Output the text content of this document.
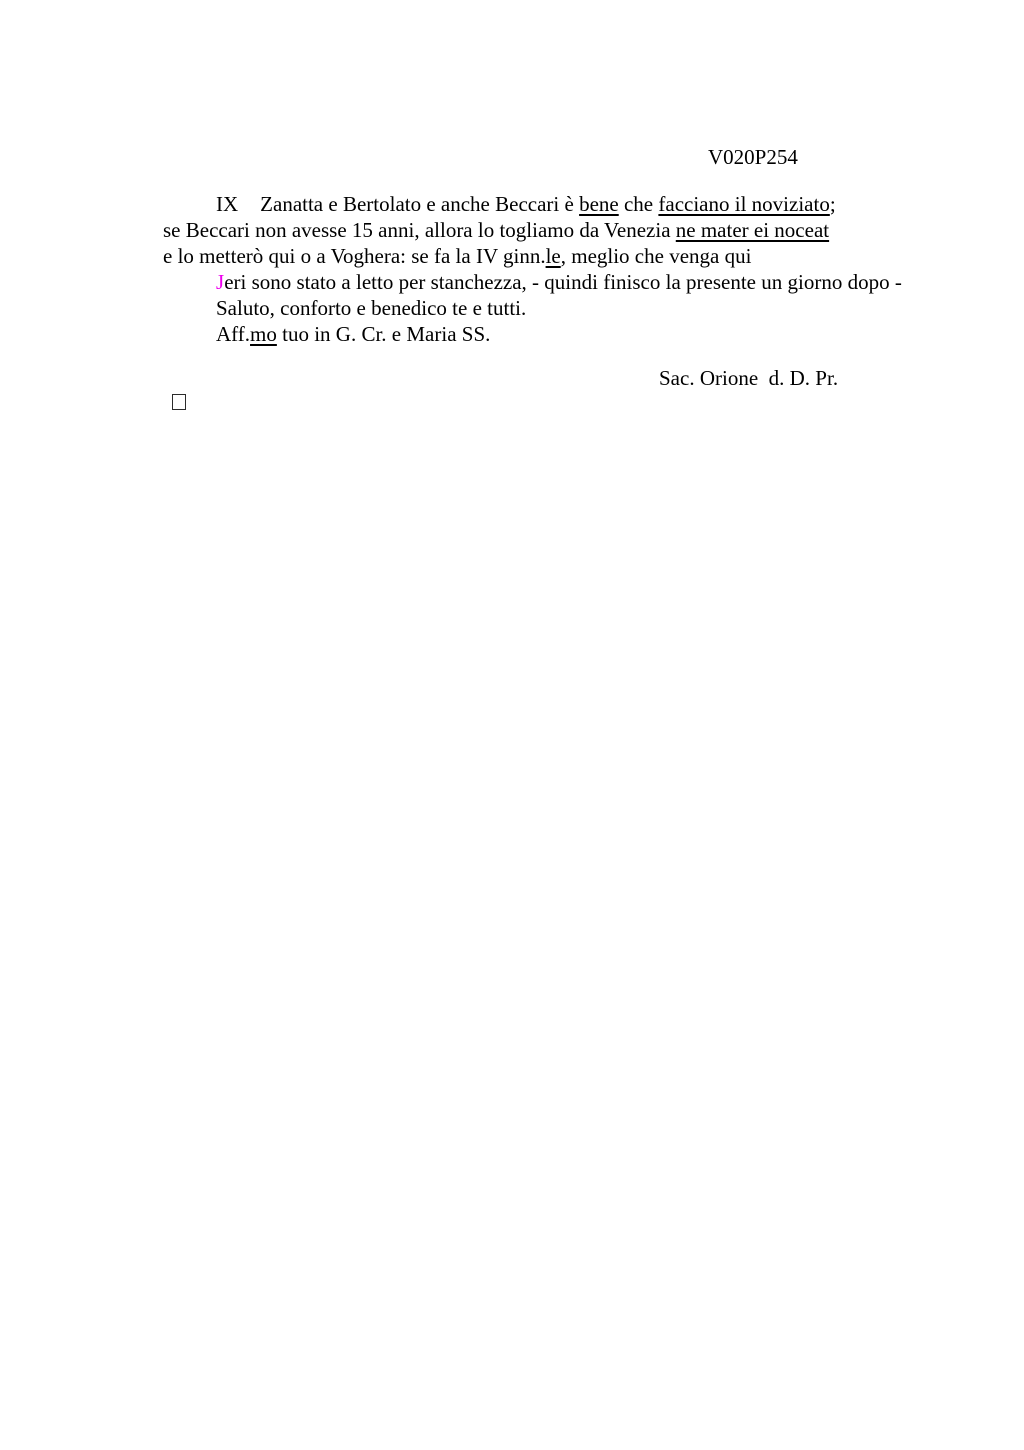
V020P254
IX Zanatta e Bertolato e anche Beccari è bene che facciano il noviziato;
se Beccari non avesse 15 anni, allora lo togliamo da Venezia ne mater ei noceat
e lo metterò qui o a Voghera: se fa la IV ginn.le, meglio che venga qui
Jeri sono stato a letto per stanchezza, - quindi finisco la presente un giorno dopo -
Saluto, conforto e benedico te e tutti.
Aff.mo tuo in G. Cr. e Maria SS.
Sac. Orione  d. D. Pr.
